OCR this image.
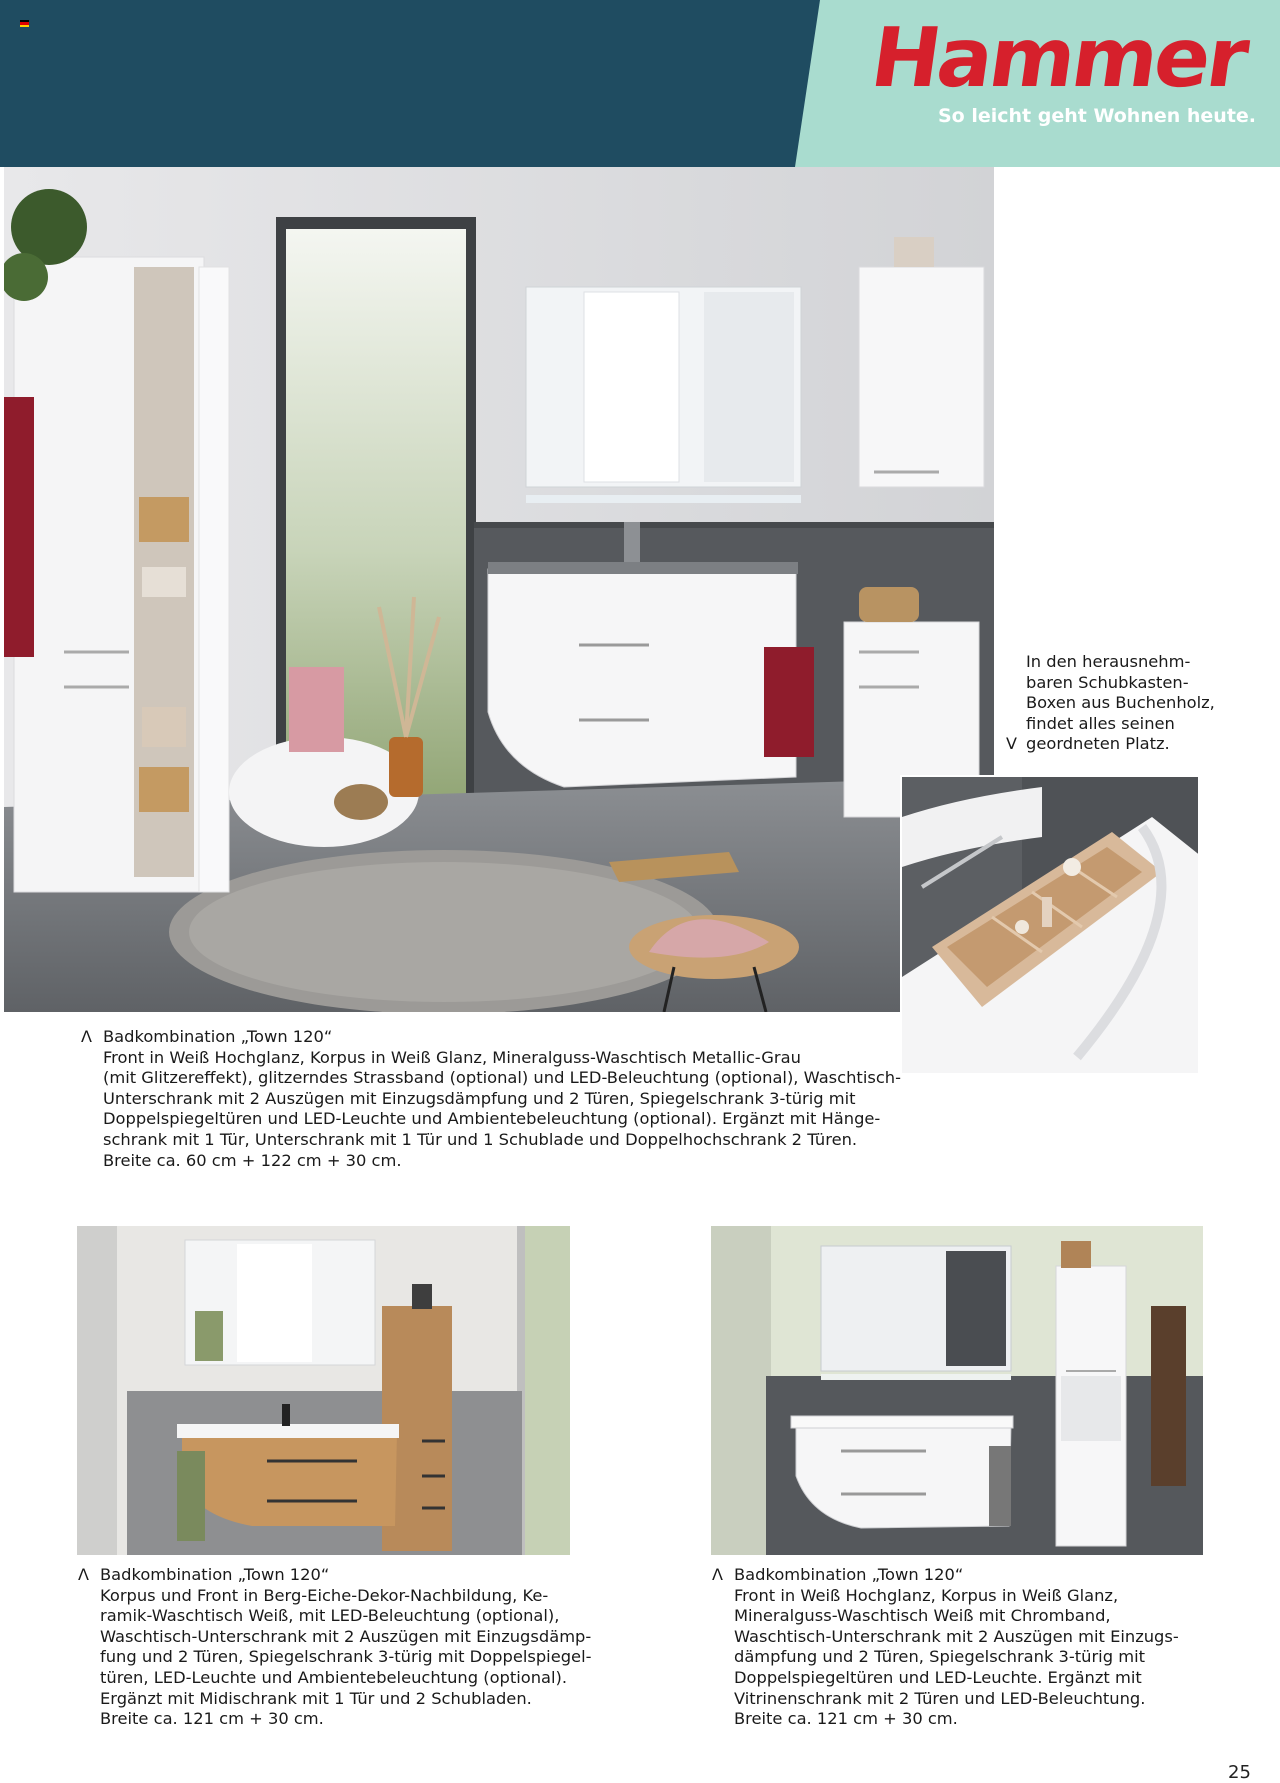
Hammer
So leicht geht Wohnen heute.
V

In den herausnehm-

baren Schubkasten-

Boxen aus Buchenholz,

findet alles seinen

geordneten Platz.

Λ Badkombination „Town 120“

Front in Weiß Hochglanz, Korpus in Weiß Glanz, Mineralguss-Waschtisch Metallic-Grau

(mit Glitzereffekt), glitzerndes Strassband (optional) und LED-Beleuchtung (optional), Waschtisch-

Unterschrank mit 2 Auszügen mit Einzugsdämpfung und 2 Türen, Spiegelschrank 3-türig mit

Doppelspiegeltüren und LED-Leuchte und Ambientebeleuchtung (optional). Ergänzt mit Hänge-

schrank mit 1 Tür, Unterschrank mit 1 Tür und 1 Schublade und Doppelhochschrank 2 Türen.

Breite ca. 60 cm + 122 cm + 30 cm.

Λ Badkombination „Town 120“

Korpus und Front in Berg-Eiche-Dekor-Nachbildung, Ke-

ramik-Waschtisch Weiß, mit LED-Beleuchtung (optional),

Waschtisch-Unterschrank mit 2 Auszügen mit Einzugsdämp-

fung und 2 Türen, Spiegelschrank 3-türig mit Doppelspiegel-

türen, LED-Leuchte und Ambientebeleuchtung (optional).

Ergänzt mit Midischrank mit 1 Tür und 2 Schubladen.

Breite ca. 121 cm + 30 cm.

Λ Badkombination „Town 120“

Front in Weiß Hochglanz, Korpus in Weiß Glanz,

Mineralguss-Waschtisch Weiß mit Chromband,

Waschtisch-Unterschrank mit 2 Auszügen mit Einzugs-

dämpfung und 2 Türen, Spiegelschrank 3-türig mit

Doppelspiegeltüren und LED-Leuchte. Ergänzt mit

Vitrinenschrank mit 2 Türen und LED-Beleuchtung.

Breite ca. 121 cm + 30 cm.

25
